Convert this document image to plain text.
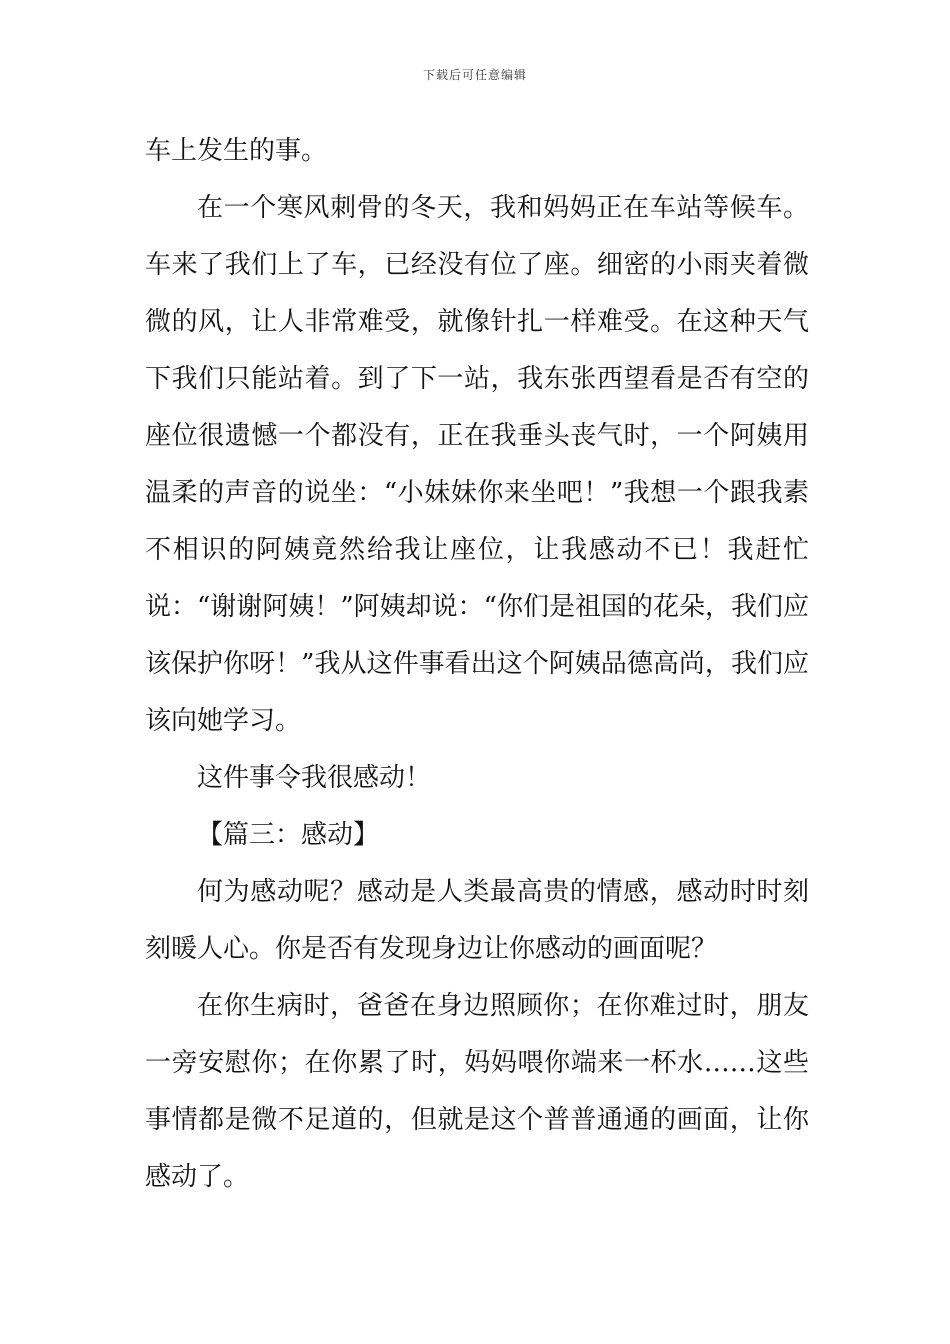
下载后可任意编辑

车上发生的事。

在一个寒风刺骨的冬天，我和妈妈正在车站等候车。车来了我们上了车，已经没有位了座。细密的小雨夹着微微的风，让人非常难受，就像针扎一样难受。在这种天气下我们只能站着。到了下一站，我东张西望看是否有空的座位很遗憾一个都没有，正在我垂头丧气时，一个阿姨用温柔的声音的说坐：“小妹妹你来坐吧！”我想一个跟我素不相识的阿姨竟然给我让座位，让我感动不已！我赶忙说：“谢谢阿姨！”阿姨却说：“你们是祖国的花朵，我们应该保护你呀！”我从这件事看出这个阿姨品德高尚，我们应该向她学习。

这件事令我很感动！

【篇三：感动】

何为感动呢？感动是人类最高贵的情感，感动时时刻刻暖人心。你是否有发现身边让你感动的画面呢？

在你生病时，爸爸在身边照顾你；在你难过时，朋友一旁安慰你；在你累了时，妈妈喂你端来一杯水……这些事情都是微不足道的，但就是这个普普通通的画面，让你感动了。
